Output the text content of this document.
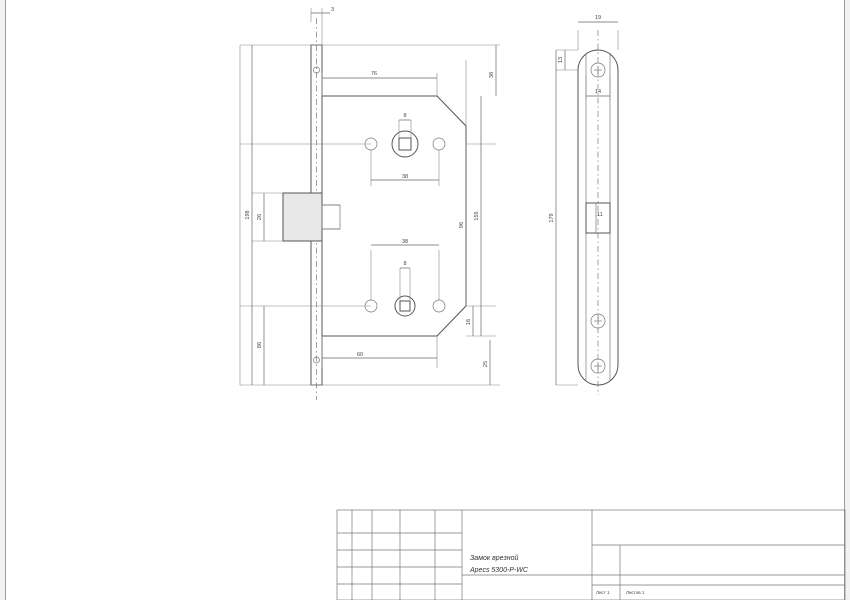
3
76
38
8
8
38
60
198 26
86
96
155
38
16
25
19
14
13
179	11
Замок врезной
Apecs 5300-P-WC
Лист 1	Листов 1
